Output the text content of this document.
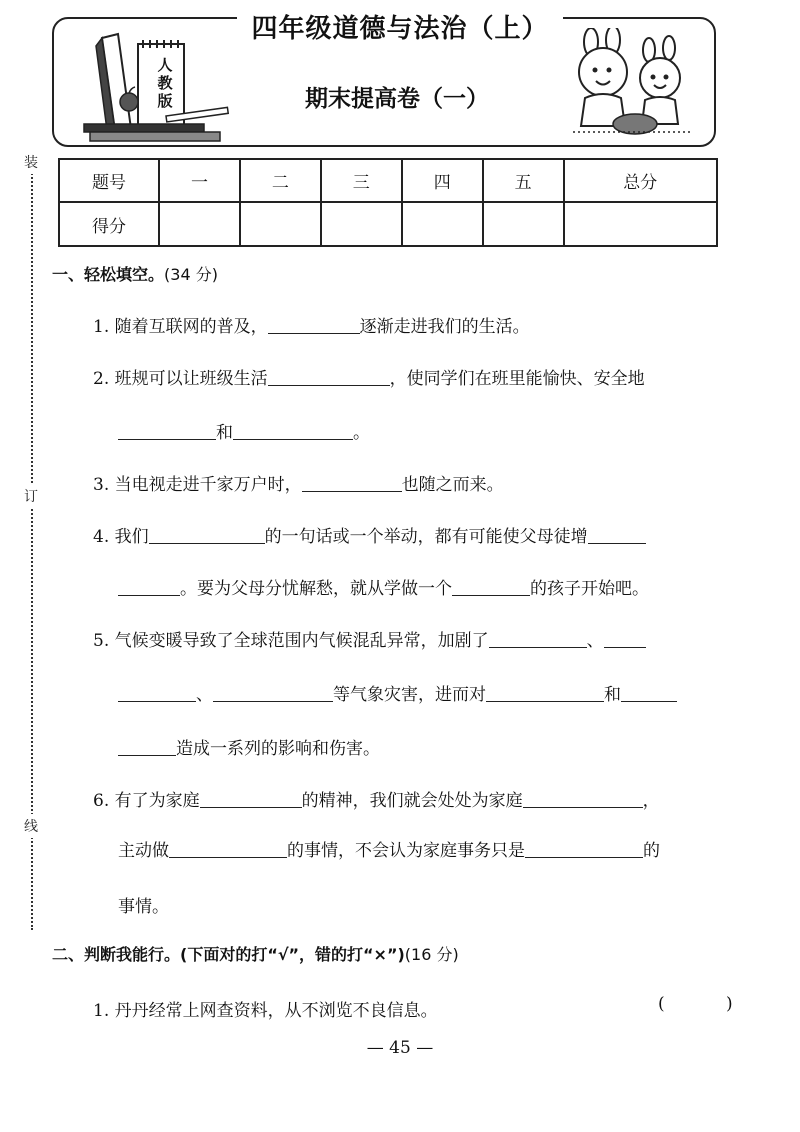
装
订
线
四年级道德与法治（上）
期末提高卷（一）
人教版
题号	一	二	三	四	五	总分
得分						
一、轻松填空。(34 分)
1. 随着互联网的普及，	逐渐走进我们的生活。
2. 班规可以让班级生活	，使同学们在班里能愉快、安全地
和	。
3. 当电视走进千家万户时，	也随之而来。
4. 我们	的一句话或一个举动，都有可能使父母徒增
。要为父母分忧解愁，就从学做一个	的孩子开始吧。
5. 气候变暖导致了全球范围内气候混乱异常，加剧了	、
、	等气象灾害，进而对	和
造成一系列的影响和伤害。
6. 有了为家庭	的精神，我们就会处处为家庭	，
主动做	的事情，不会认为家庭事务只是	的
事情。
二、判断我能行。(下面对的打“√”，错的打“×”)(16 分)
1. 丹丹经常上网查资料，从不浏览不良信息。	( )
— 45 —
